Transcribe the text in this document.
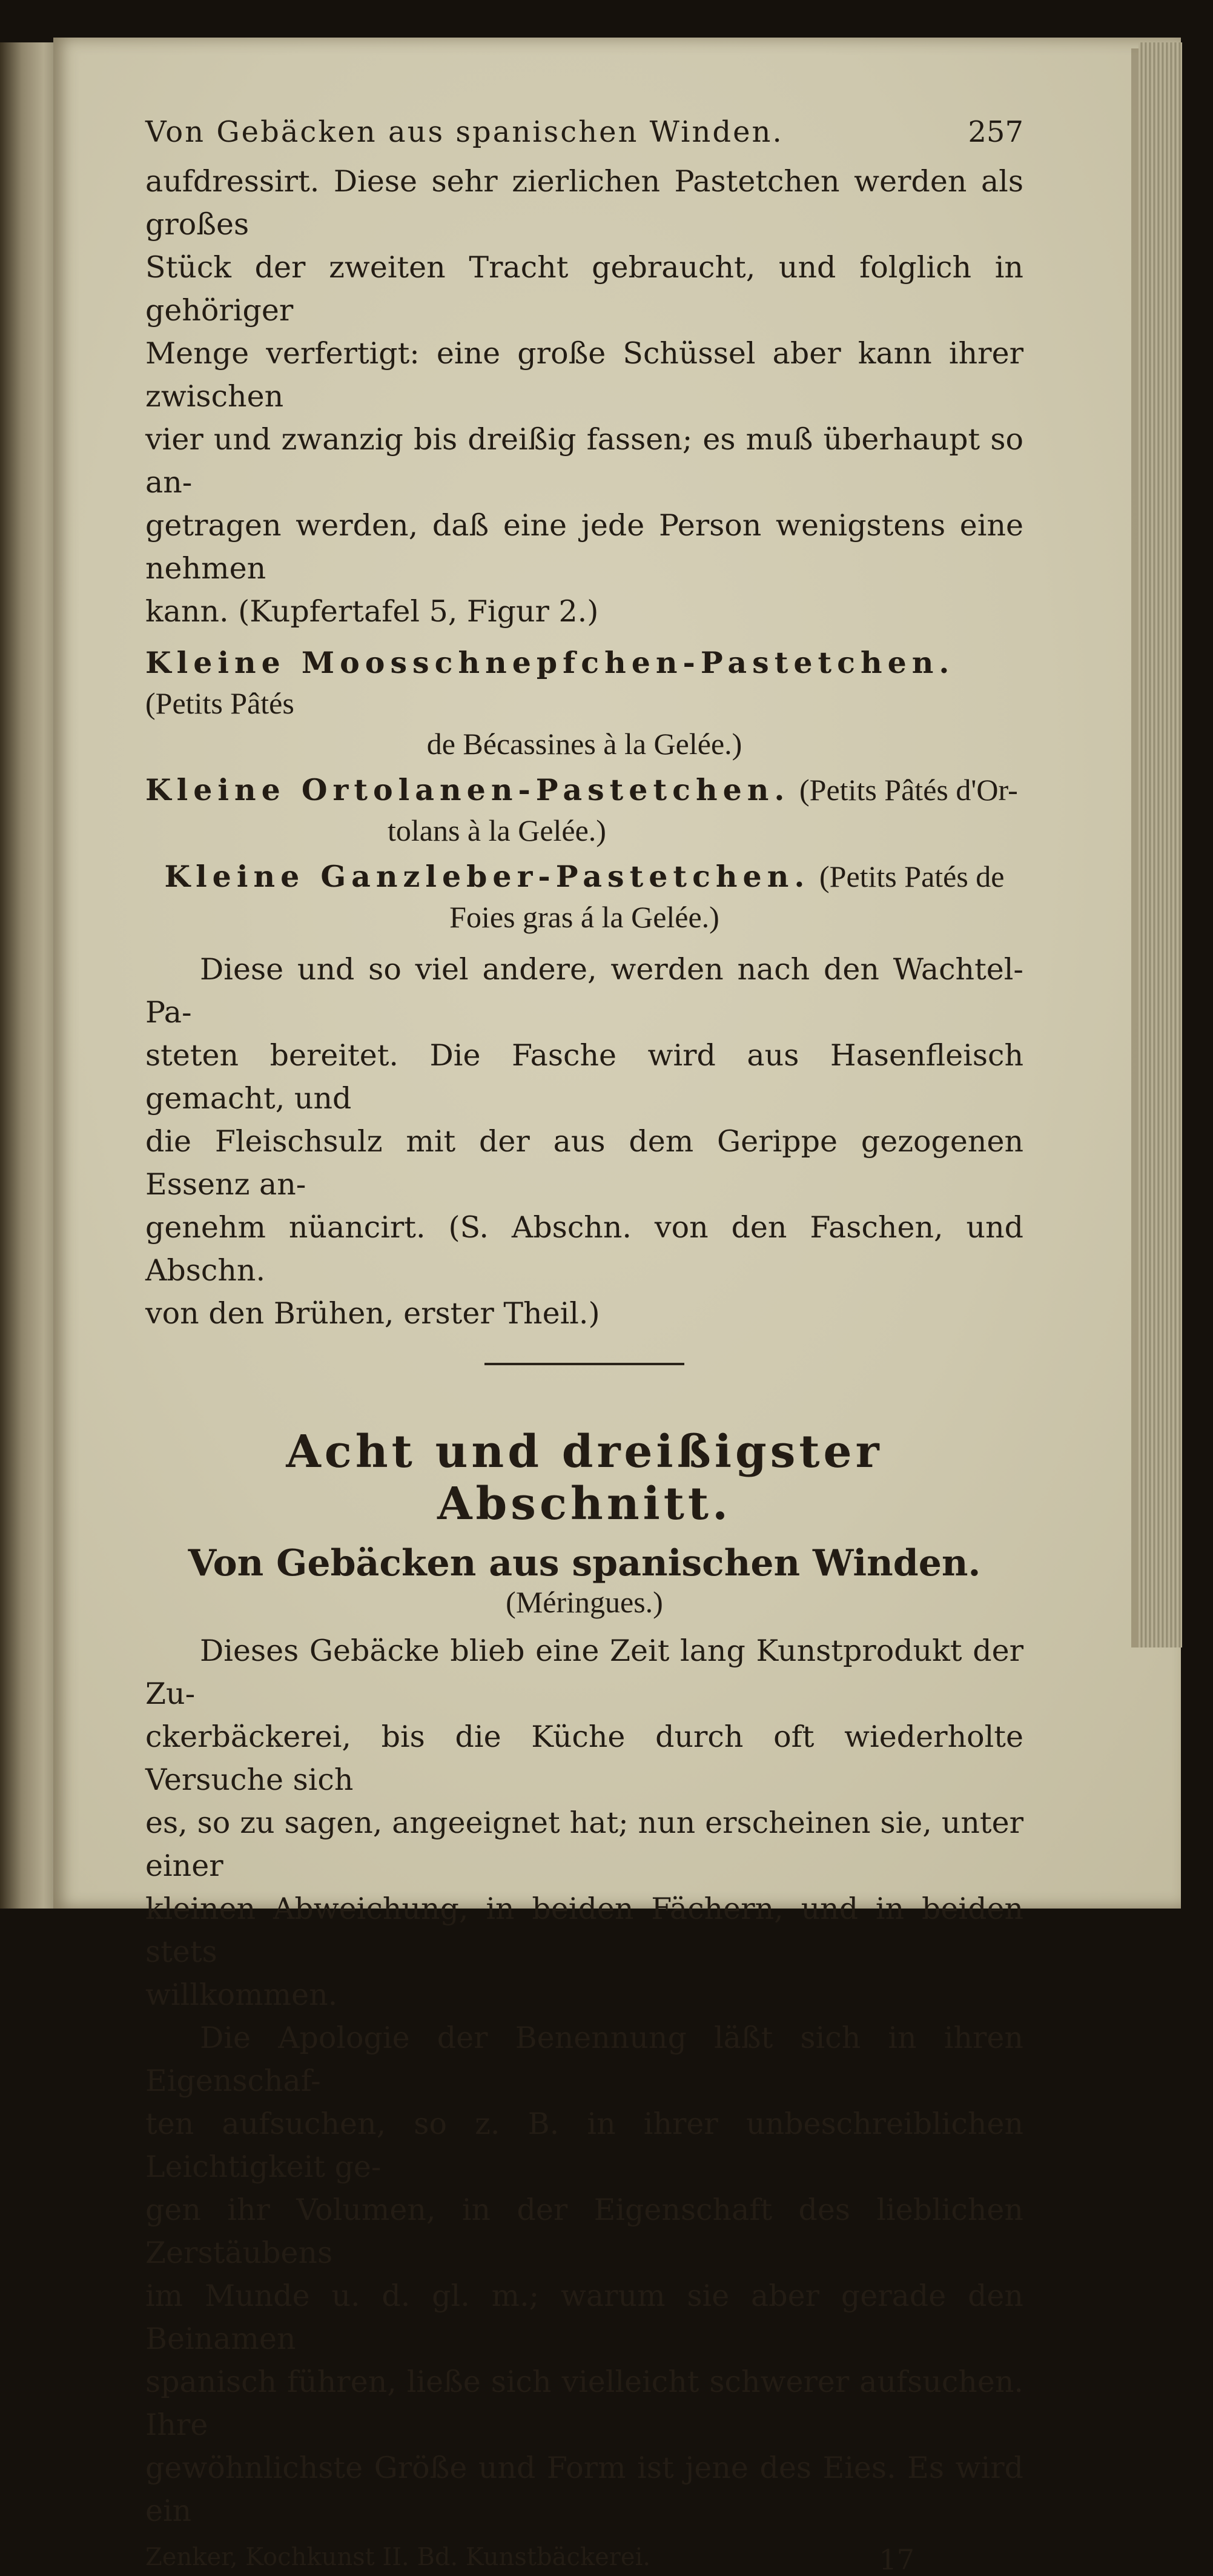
Von Gebäcken aus spanischen Winden.	257

aufdressirt. Diese sehr zierlichen Pastetchen werden als großes

Stück der zweiten Tracht gebraucht, und folglich in gehöriger

Menge verfertigt: eine große Schüssel aber kann ihrer zwischen

vier und zwanzig bis dreißig fassen; es muß überhaupt so an-

getragen werden, daß eine jede Person wenigstens eine nehmen

kann. (Kupfertafel 5, Figur 2.)

Kleine Moosschnepfchen-Pastetchen. (Petits Pâtés
de Bécassines à la Gelée.)
Kleine Ortolanen-Pastetchen. (Petits Pâtés d'Or-
tolans à la Gelée.)
Kleine Ganzleber-Pastetchen. (Petits Patés de
Foies gras á la Gelée.)

Diese und so viel andere, werden nach den Wachtel-Pa-

steten bereitet. Die Fasche wird aus Hasenfleisch gemacht, und

die Fleischsulz mit der aus dem Gerippe gezogenen Essenz an-

genehm nüancirt. (S. Abschn. von den Faschen, und Abschn.

von den Brühen, erster Theil.)

Acht und dreißigster Abschnitt.
Von Gebäcken aus spanischen Winden.
(Méringues.)

Dieses Gebäcke blieb eine Zeit lang Kunstprodukt der Zu-

ckerbäckerei, bis die Küche durch oft wiederholte Versuche sich

es, so zu sagen, angeeignet hat; nun erscheinen sie, unter einer

kleinen Abweichung, in beiden Fächern, und in beiden stets

willkommen.

Die Apologie der Benennung läßt sich in ihren Eigenschaf-

ten aufsuchen, so z. B. in ihrer unbeschreiblichen Leichtigkeit ge-

gen ihr Volumen, in der Eigenschaft des lieblichen Zerstäubens

im Munde u. d. gl. m.; warum sie aber gerade den Beinamen

spanisch führen, ließe sich vielleicht schwerer aufsuchen. Ihre

gewöhnlichste Größe und Form ist jene des Eies. Es wird ein

Zenker, Kochkunst II. Bd. Kunstbäckerei.	17
